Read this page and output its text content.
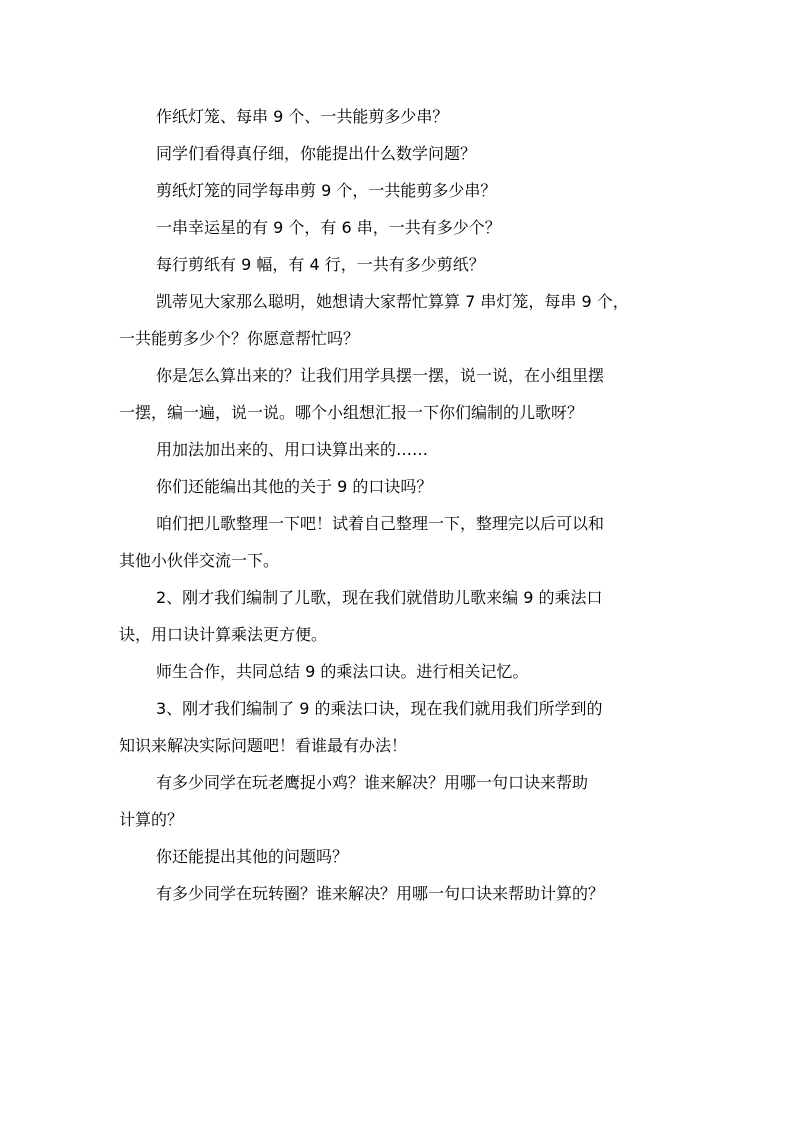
作纸灯笼、每串 9 个、一共能剪多少串？
同学们看得真仔细，你能提出什么数学问题？
剪纸灯笼的同学每串剪 9 个，一共能剪多少串？
一串幸运星的有 9 个，有 6 串，一共有多少个？
每行剪纸有 9 幅，有 4 行，一共有多少剪纸？
凯蒂见大家那么聪明，她想请大家帮忙算算 7 串灯笼，每串 9 个，
一共能剪多少个？你愿意帮忙吗？
你是怎么算出来的？让我们用学具摆一摆，说一说，在小组里摆
一摆，编一遍，说一说。哪个小组想汇报一下你们编制的儿歌呀？
用加法加出来的、用口诀算出来的……
你们还能编出其他的关于 9 的口诀吗？
咱们把儿歌整理一下吧！试着自己整理一下，整理完以后可以和
其他小伙伴交流一下。
2、刚才我们编制了儿歌，现在我们就借助儿歌来编 9 的乘法口
诀，用口诀计算乘法更方便。
师生合作，共同总结 9 的乘法口诀。进行相关记忆。
3、刚才我们编制了 9 的乘法口诀，现在我们就用我们所学到的
知识来解决实际问题吧！看谁最有办法！
有多少同学在玩老鹰捉小鸡？谁来解决？用哪一句口诀来帮助
计算的？
你还能提出其他的问题吗？
有多少同学在玩转圈？谁来解决？用哪一句口诀来帮助计算的？
